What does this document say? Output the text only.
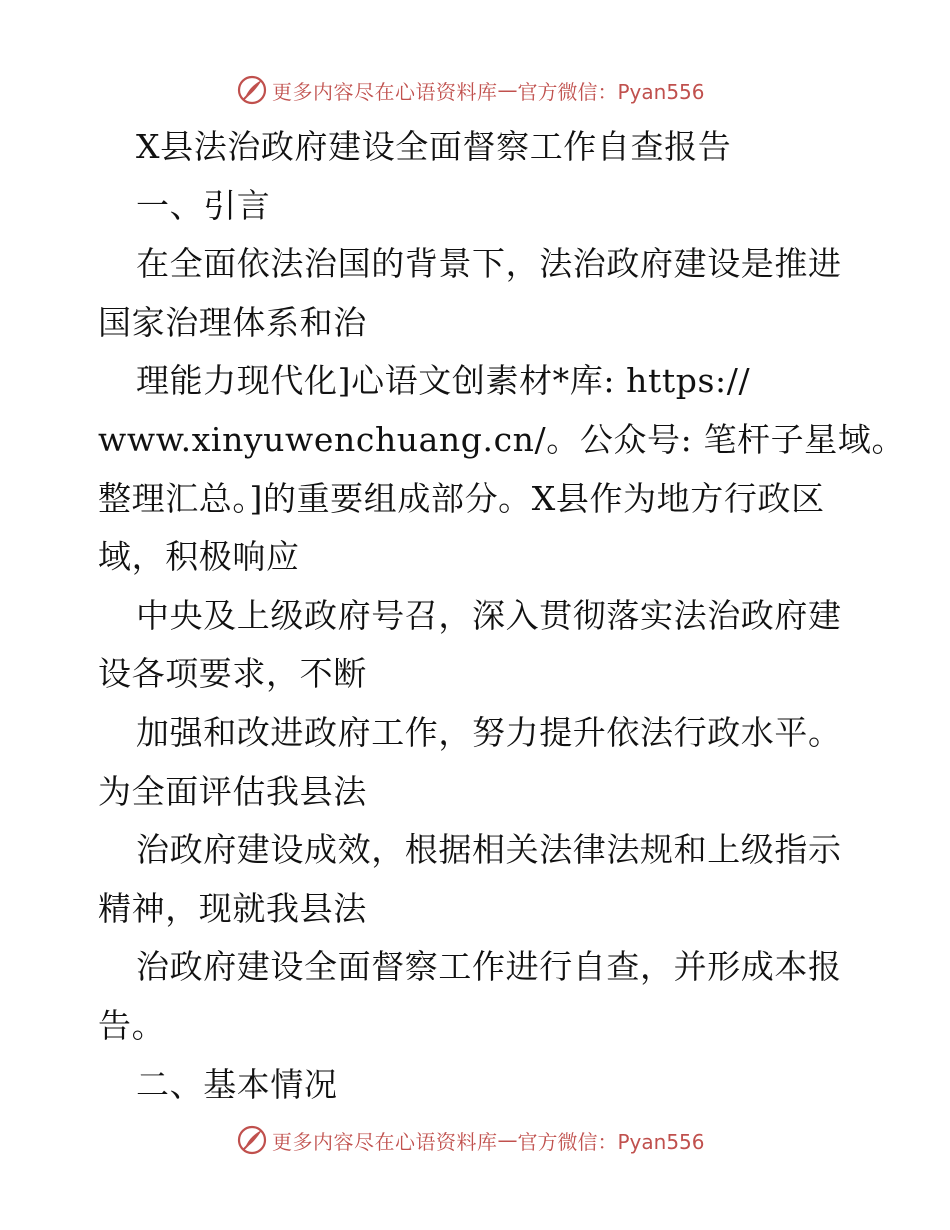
更多内容尽在心语资料库 — 官方微信：Pyan556
X县法治政府建设全面督察工作自查报告
一、引言
在全面依法治国的背景下，法治政府建设是推进
国家治理体系和治
理能力现代化]心语文创素材*库: https://
www.xinyuwenchuang.cn/。公众号: 笔杆子星域。
整理汇总。]的重要组成部分。X县作为地方行政区
域，积极响应
中央及上级政府号召，深入贯彻落实法治政府建
设各项要求，不断
加强和改进政府工作，努力提升依法行政水平。
为全面评估我县法
治政府建设成效，根据相关法律法规和上级指示
精神，现就我县法
治政府建设全面督察工作进行自查，并形成本报
告。
二、基本情况
更多内容尽在心语资料库 — 官方微信：Pyan556
